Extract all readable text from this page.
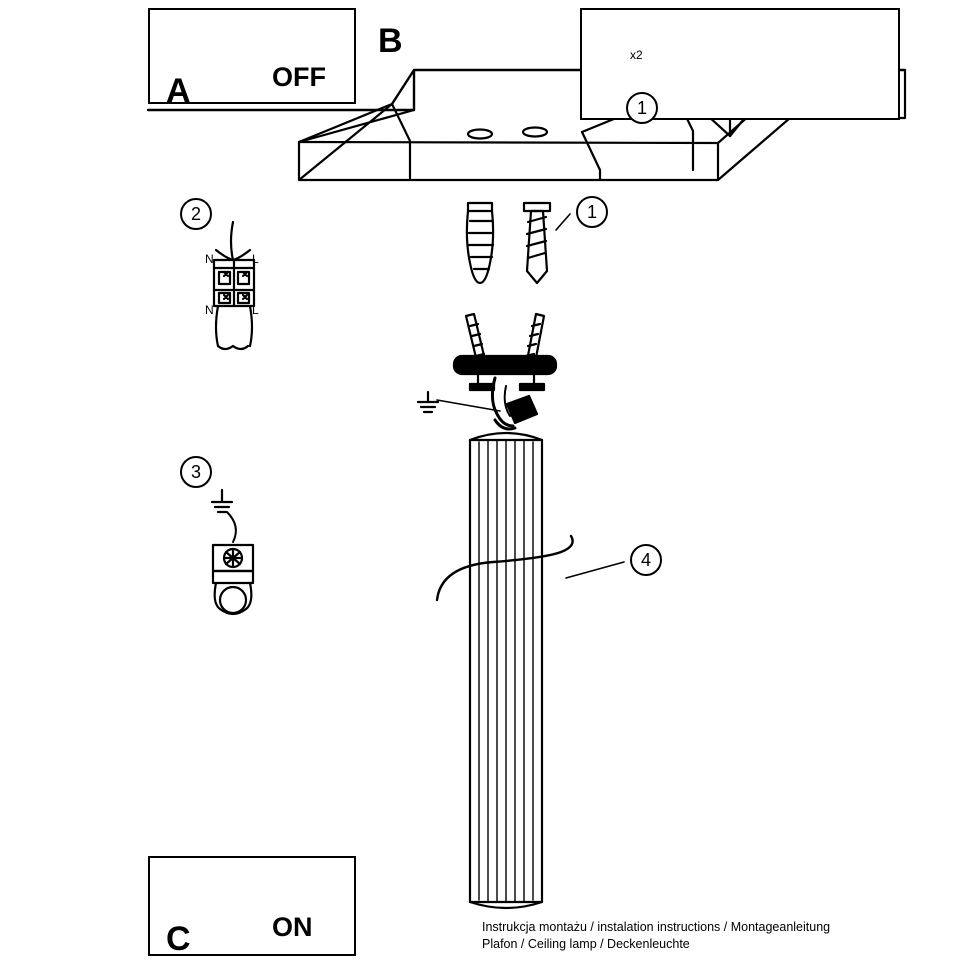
A	OFF
B
C	ON
x2
1
1
2
3
4
N	L
N	L
Instrukcja montażu / instalation instructions / Montageanleitung
Plafon / Ceiling lamp / Deckenleuchte
